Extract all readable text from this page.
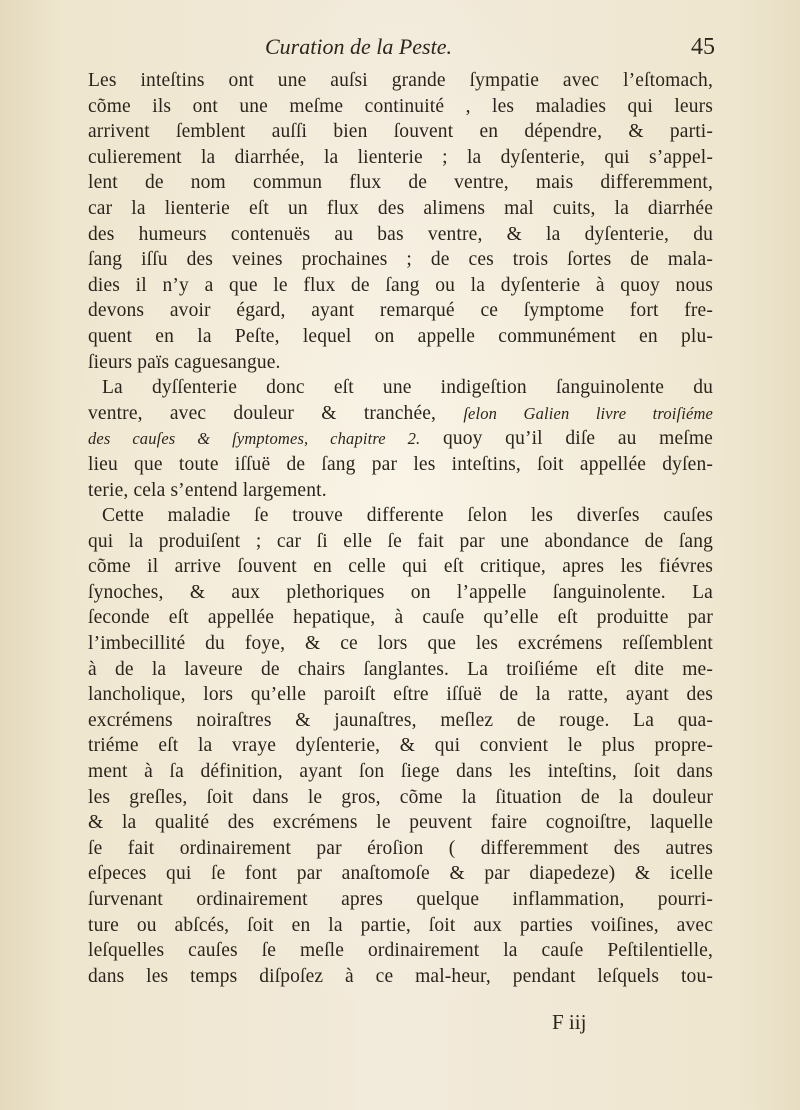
Curation de la Peste.	45
Les inteſtins ont une auſsi grande ſympatie avec l’eſtomach,
cõme ils ont une meſme continuité , les maladies qui leurs
arrivent ſemblent auſſi bien ſouvent en dépendre, & parti-
culierement la diarrhée, la lienterie ; la dyſenterie, qui s’appel-
lent de nom commun flux de ventre, mais differemment,
car la lienterie eſt un flux des alimens mal cuits, la diarrhée
des humeurs contenuës au bas ventre, & la dyſenterie, du
ſang iſſu des veines prochaines ; de ces trois ſortes de mala-
dies il n’y a que le flux de ſang ou la dyſenterie à quoy nous
devons avoir égard, ayant remarqué ce ſymptome fort fre-
quent en la Peſte, lequel on appelle communément en plu-
ſieurs païs caguesangue.
La dyſſenterie donc eſt une indigeſtion ſanguinolente du
ventre, avec douleur & tranchée, ſelon Galien livre troiſiéme
des cauſes & ſymptomes, chapitre 2. quoy qu’il diſe au meſme
lieu que toute iſſuë de ſang par les inteſtins, ſoit appellée dyſen-
terie, cela s’entend largement.
Cette maladie ſe trouve differente ſelon les diverſes cauſes
qui la produiſent ; car ſi elle ſe fait par une abondance de ſang
cõme il arrive ſouvent en celle qui eſt critique, apres les fiévres
ſynoches, & aux plethoriques on l’appelle ſanguinolente. La
ſeconde eſt appellée hepatique, à cauſe qu’elle eſt produitte par
l’imbecillité du foye, & ce lors que les excrémens reſſemblent
à de la laveure de chairs ſanglantes. La troiſiéme eſt dite me-
lancholique, lors qu’elle paroiſt eſtre iſſuë de la ratte, ayant des
excrémens noiraſtres & jaunaſtres, meſlez de rouge. La qua-
triéme eſt la vraye dyſenterie, & qui convient le plus propre-
ment à ſa définition, ayant ſon ſiege dans les inteſtins, ſoit dans
les greſles, ſoit dans le gros, cõme la ſituation de la douleur
& la qualité des excrémens le peuvent faire cognoiſtre, laquelle
ſe fait ordinairement par éroſion ( differemment des autres
eſpeces qui ſe font par anaſtomoſe & par diapedeze) & icelle
ſurvenant ordinairement apres quelque inflammation, pourri-
ture ou abſcés, ſoit en la partie, ſoit aux parties voiſines, avec
leſquelles cauſes ſe meſle ordinairement la cauſe Peſtilentielle,
dans les temps diſpoſez à ce mal-heur, pendant leſquels tou-
F iij
